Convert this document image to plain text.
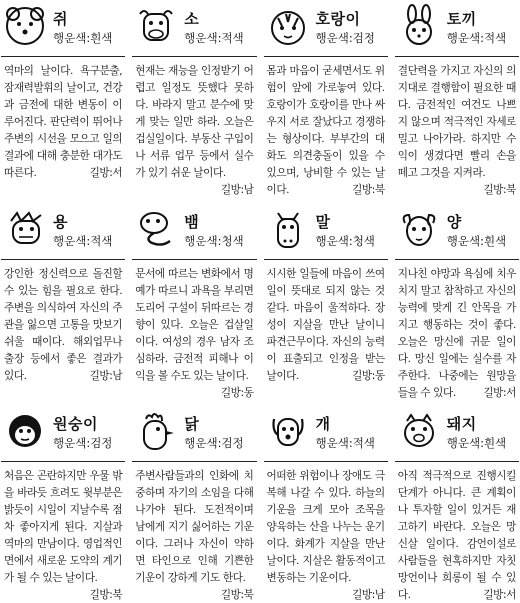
쥐
행운색:흰색
역마의 날이다. 욕구분출, 잠재력발휘의 날이고, 건강과 금전에 대한 변동이 이루어진다. 판단력이 뛰어나 주변의 시선을 모으고 일의 결과에 대해 충분한 대가도 따른다.	길방:서
소
행운색:적색
현재는 재능을 인정받기 어렵고 일정도 뜻했다 못하다. 바라지 말고 분수에 맞게 맞는 일만 하라. 오늘은 겁실일이다. 부동산 구입이나 서류 업무 등에서 실수가 있기 쉬운 날이다.
길방:남
호랑이
행운색:검정
몸과 마음이 굳세면서도 위험이 앞에 가로놓여 있다. 호랑이가 호랑이를 만나 싸우지 서로 잘났다고 경쟁하는 형상이다. 부부간의 대화도 의견충돌이 있을 수 있으며, 낭비할 수 있는 날이다.	길방:북
토끼
행운색:적색
결단력을 가지고 자신의 의지대로 결행함이 필요한 때다. 금전적인 여건도 나쁘지 않으며 적극적인 자세로 밀고 나아가라. 하지만 수익이 생겼다면 빨리 손을 떼고 그것을 지켜라.
길방:북
용
행운색:적색
강인한 정신력으로 돌진할 수 있는 힘을 필요로 한다. 주변을 의식하여 자신의 주관을 잃으면 고통을 맛보기 쉬울 때이다. 해외업무나 출장 등에서 좋은 결과가 있다.	길방:남
뱀
행운색:청색
문서에 따르는 변화에서 명예가 따르니 과욕을 부리면 도리어 구설이 뒤따르는 경향이 있다. 오늘은 겁살일이다. 여성의 경우 남자 조심하라. 금전적 피해나 이익을 볼 수도 있는 날이다.
길방:동
말
행운색:청색
시시한 일들에 마음이 쓰여 일이 뜻대로 되지 않는 것 같다. 마음이 울적하다. 장성이 지살을 만난 날이니 파견근무이다. 자신의 능력이 표출되고 인정을 받는 날이다.	길방:동
양
행운색:흰색
지나친 야망과 욕심에 치우치지 말고 참착하고 자신의 능력에 맞게 긴 안목을 가지고 행동하는 것이 좋다. 오늘은 망신에 귀문 일이다. 망신 일에는 실수를 자주한다. 나중에는 원망을 들을 수 있다.	길방:서
원숭이
행운색:검정
처음은 곤란하지만 우물 밖을 바라듯 흐려도 윗부분은 밝듯이 시일이 지날수록 점차 좋아지게 된다. 지살과 역마의 만남이다. 영업적인 면에서 새로운 도약의 계기가 될 수 있는 날이다.
길방:북
닭
행운색:검정
주변사람들과의 인화에 치중하며 자기의 소임을 다해나가야 된다. 도전적이며 남에게 지기 싫어하는 기운이다. 그러나 자신이 약하면 타인으로 인해 기쁜한 기운이 강하게 기도 한다.
길방:북
개
행운색:적색
어떠한 위험이나 장애도 극복해 나갈 수 있다. 하늘의 기운을 크게 모아 조목을 양육하는 산을 나누는 운기이다. 화계가 지살을 만난 날이다. 지살은 활동적이고 변동하는 기운이다.
길방:남
돼지
행운색:흰색
아직 적극적으로 진행시킬 단계가 아니다. 큰 계획이나 투자할 일이 있거든 재고하기 바란다. 오늘은 망신살 일이다. 감언이설로 사람들을 현혹하지만 자칫 망언이나 희롱이 될 수 있다.	길방:서
